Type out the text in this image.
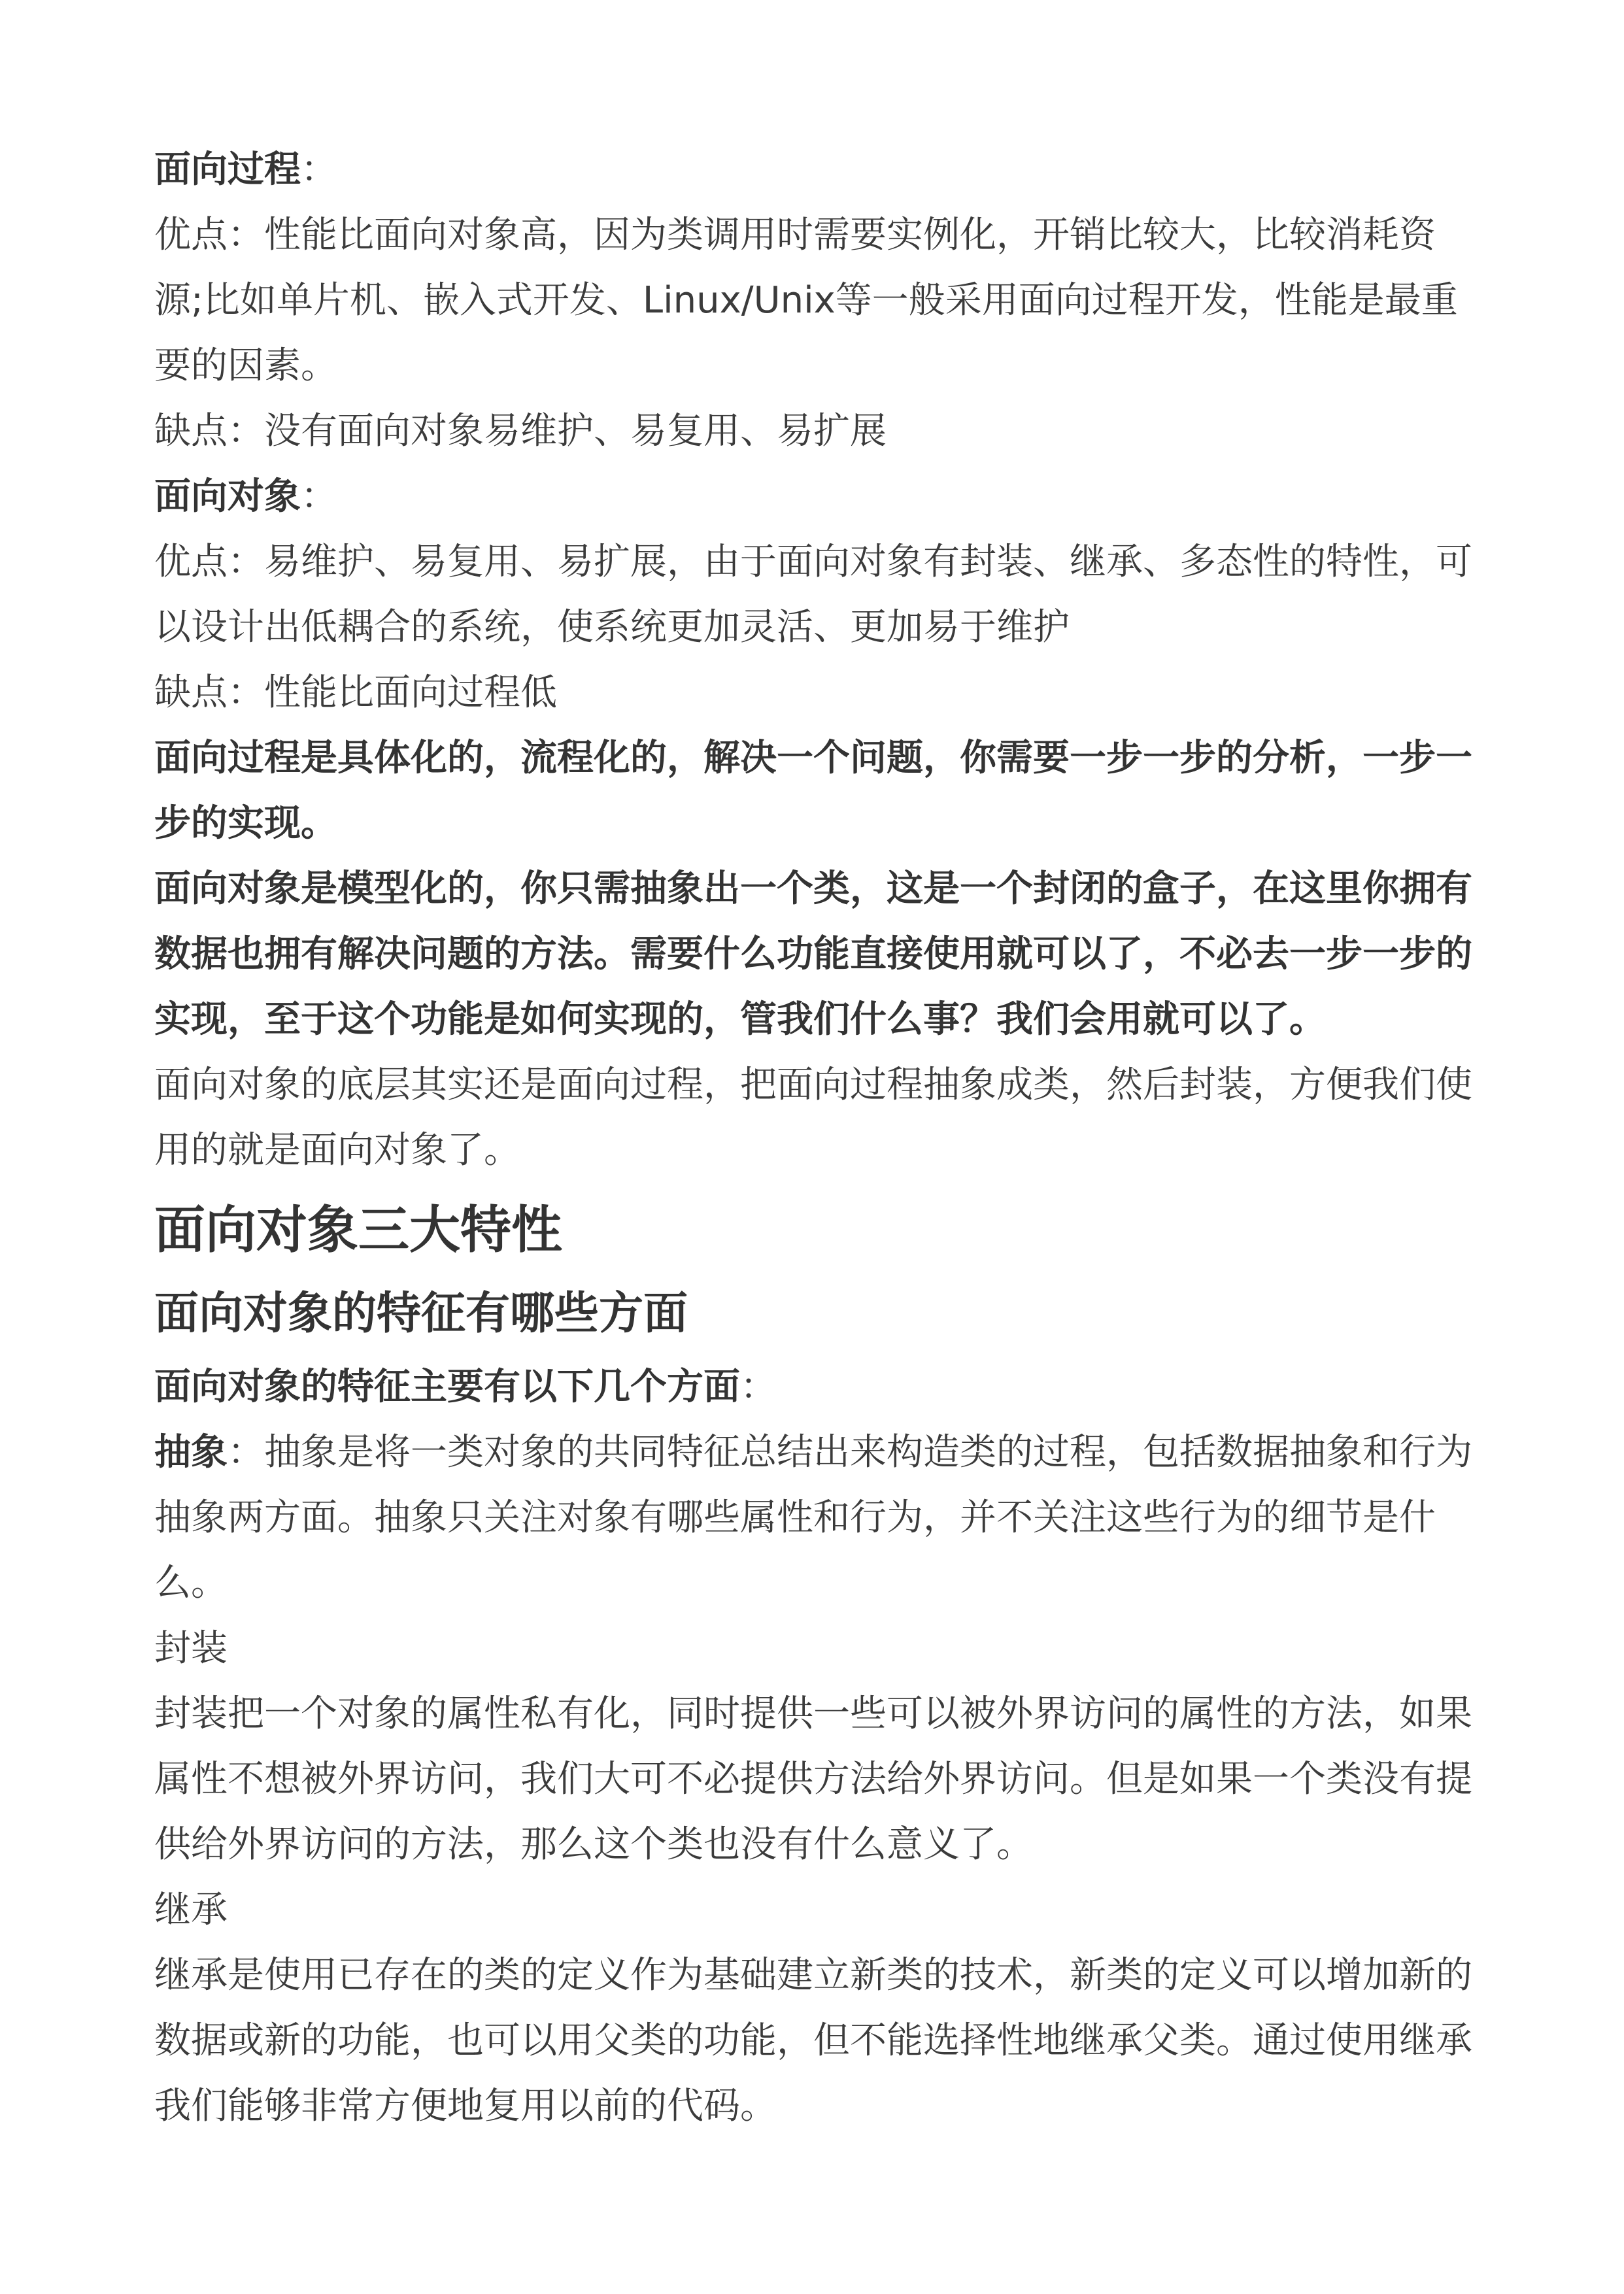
面向过程：

优点：性能比面向对象高，因为类调用时需要实例化，开销比较大，比较消耗资源;比如单片机、嵌入式开发、Linux/Unix等一般采用面向过程开发，性能是最重要的因素。

缺点：没有面向对象易维护、易复用、易扩展

面向对象：

优点：易维护、易复用、易扩展，由于面向对象有封装、继承、多态性的特性，可以设计出低耦合的系统，使系统更加灵活、更加易于维护

缺点：性能比面向过程低

面向过程是具体化的，流程化的，解决一个问题，你需要一步一步的分析，一步一步的实现。

面向对象是模型化的，你只需抽象出一个类，这是一个封闭的盒子，在这里你拥有数据也拥有解决问题的方法。需要什么功能直接使用就可以了，不必去一步一步的实现，至于这个功能是如何实现的，管我们什么事？我们会用就可以了。

面向对象的底层其实还是面向过程，把面向过程抽象成类，然后封装，方便我们使用的就是面向对象了。

面向对象三大特性
面向对象的特征有哪些方面

面向对象的特征主要有以下几个方面：

抽象：抽象是将一类对象的共同特征总结出来构造类的过程，包括数据抽象和行为抽象两方面。抽象只关注对象有哪些属性和行为，并不关注这些行为的细节是什么。

封装

封装把一个对象的属性私有化，同时提供一些可以被外界访问的属性的方法，如果属性不想被外界访问，我们大可不必提供方法给外界访问。但是如果一个类没有提供给外界访问的方法，那么这个类也没有什么意义了。

继承

继承是使用已存在的类的定义作为基础建立新类的技术，新类的定义可以增加新的数据或新的功能，也可以用父类的功能，但不能选择性地继承父类。通过使用继承我们能够非常方便地复用以前的代码。
